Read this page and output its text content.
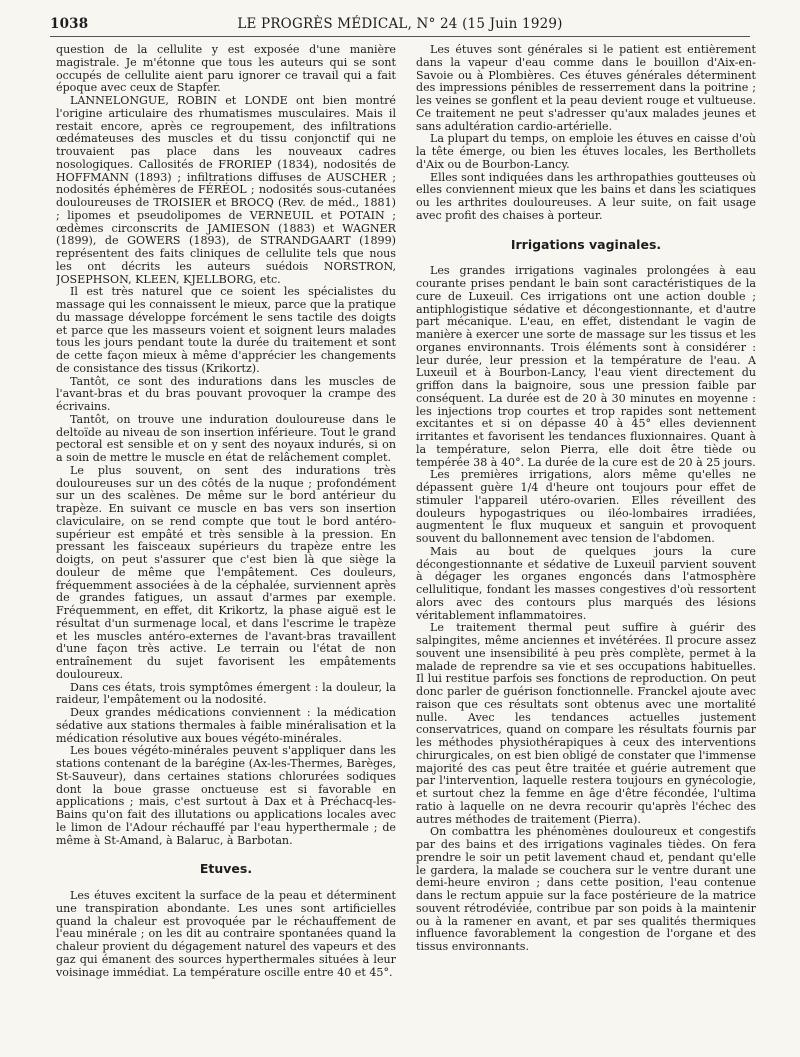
1038	LE PROGRÈS MÉDICAL, N° 24 (15 Juin 1929)

question de la cellulite y est exposée d'une manière magistrale. Je m'étonne que tous les auteurs qui se sont occupés de cellulite aient paru ignorer ce travail qui a fait époque avec ceux de Stapfer.

LANNELONGUE, ROBIN et LONDE ont bien montré l'origine articulaire des rhumatismes musculaires. Mais il restait encore, après ce regroupement, des infiltrations œdémateuses des muscles et du tissu conjonctif qui ne trouvaient pas place dans les nouveaux cadres nosologiques. Callosités de FRORIEP (1834), nodosités de HOFFMANN (1893) ; infiltrations diffuses de AUSCHER ; nodosités éphémères de FÉRÉOL ; nodosités sous-cutanées douloureuses de TROISIER et BROCQ (Rev. de méd., 1881) ; lipomes et pseudolipomes de VERNEUIL et POTAIN ; œdèmes circonscrits de JAMIESON (1883) et WAGNER (1899), de GOWERS (1893), de STRANDGAART (1899) représentent des faits cliniques de cellulite tels que nous les ont décrits les auteurs suédois NORSTRON, JOSEPHSON, KLEEN, KJELLBORG, etc.

Il est très naturel que ce soient les spécialistes du massage qui les connaissent le mieux, parce que la pratique du massage développe forcément le sens tactile des doigts et parce que les masseurs voient et soignent leurs malades tous les jours pendant toute la durée du traitement et sont de cette façon mieux à même d'apprécier les changements de consistance des tissus (Krikortz).

Tantôt, ce sont des indurations dans les muscles de l'avant-bras et du bras pouvant provoquer la crampe des écrivains.

Tantôt, on trouve une induration douloureuse dans le deltoïde au niveau de son insertion inférieure. Tout le grand pectoral est sensible et on y sent des noyaux indurés, si on a soin de mettre le muscle en état de relâchement complet.

Le plus souvent, on sent des indurations très douloureuses sur un des côtés de la nuque ; profondément sur un des scalènes. De même sur le bord antérieur du trapèze. En suivant ce muscle en bas vers son insertion claviculaire, on se rend compte que tout le bord antéro-supérieur est empâté et très sensible à la pression. En pressant les faisceaux supérieurs du trapèze entre les doigts, on peut s'assurer que c'est bien là que siège la douleur de même que l'empâtement. Ces douleurs, fréquemment associées à de la céphalée, surviennent après de grandes fatigues, un assaut d'armes par exemple. Fréquemment, en effet, dit Krikortz, la phase aiguë est le résultat d'un surmenage local, et dans l'escrime le trapèze et les muscles antéro-externes de l'avant-bras travaillent d'une façon très active. Le terrain ou l'état de non entraînement du sujet favorisent les empâtements douloureux.

Dans ces états, trois symptômes émergent : la douleur, la raideur, l'empâtement ou la nodosité.

Deux grandes médications conviennent : la médication sédative aux stations thermales à faible minéralisation et la médication résolutive aux boues végéto-minérales.

Les boues végéto-minérales peuvent s'appliquer dans les stations contenant de la barégine (Ax-les-Thermes, Barèges, St-Sauveur), dans certaines stations chlorurées sodiques dont la boue grasse onctueuse est si favorable en applications ; mais, c'est surtout à Dax et à Préchacq-les-Bains qu'on fait des illutations ou applications locales avec le limon de l'Adour réchauffé par l'eau hyperthermale ; de même à St-Amand, à Balaruc, à Barbotan.

Etuves.

Les étuves excitent la surface de la peau et déterminent une transpiration abondante. Les unes sont artificielles quand la chaleur est provoquée par le réchauffement de l'eau minérale ; on les dit au contraire spontanées quand la chaleur provient du dégagement naturel des vapeurs et des gaz qui émanent des sources hyperthermales situées à leur voisinage immédiat. La température oscille entre 40 et 45°.

Les étuves sont générales si le patient est entièrement dans la vapeur d'eau comme dans le bouillon d'Aix-en-Savoie ou à Plombières. Ces étuves générales déterminent des impressions pénibles de resserrement dans la poitrine ; les veines se gonflent et la peau devient rouge et vultueuse. Ce traitement ne peut s'adresser qu'aux malades jeunes et sans adultération cardio-artérielle.

La plupart du temps, on emploie les étuves en caisse d'où la tête émerge, ou bien les étuves locales, les Berthollets d'Aix ou de Bourbon-Lancy.

Elles sont indiquées dans les arthropathies goutteuses où elles conviennent mieux que les bains et dans les sciatiques ou les arthrites douloureuses. A leur suite, on fait usage avec profit des chaises à porteur.

Irrigations vaginales.

Les grandes irrigations vaginales prolongées à eau courante prises pendant le bain sont caractéristiques de la cure de Luxeuil. Ces irrigations ont une action double ; antiphlogistique sédative et décongestionnante, et d'autre part mécanique. L'eau, en effet, distendant le vagin de manière à exercer une sorte de massage sur les tissus et les organes environnants. Trois éléments sont à considérer : leur durée, leur pression et la température de l'eau. A Luxeuil et à Bourbon-Lancy, l'eau vient directement du griffon dans la baignoire, sous une pression faible par conséquent. La durée est de 20 à 30 minutes en moyenne : les injections trop courtes et trop rapides sont nettement excitantes et si on dépasse 40 à 45° elles deviennent irritantes et favorisent les tendances fluxionnaires. Quant à la température, selon Pierra, elle doit être tiède ou tempérée 38 à 40°. La durée de la cure est de 20 à 25 jours.

Les premières irrigations, alors même qu'elles ne dépassent guère 1/4 d'heure ont toujours pour effet de stimuler l'appareil utéro-ovarien. Elles réveillent des douleurs hypogastriques ou iléo-lombaires irradiées, augmentent le flux muqueux et sanguin et provoquent souvent du ballonnement avec tension de l'abdomen.

Mais au bout de quelques jours la cure décongestionnante et sédative de Luxeuil parvient souvent à dégager les organes engoncés dans l'atmosphère cellulitique, fondant les masses congestives d'où ressortent alors avec des contours plus marqués des lésions véritablement inflammatoires.

Le traitement thermal peut suffire à guérir des salpingites, même anciennes et invétérées. Il procure assez souvent une insensibilité à peu près complète, permet à la malade de reprendre sa vie et ses occupations habituelles. Il lui restitue parfois ses fonctions de reproduction. On peut donc parler de guérison fonctionnelle. Franckel ajoute avec raison que ces résultats sont obtenus avec une mortalité nulle. Avec les tendances actuelles justement conservatrices, quand on compare les résultats fournis par les méthodes physiothérapiques à ceux des interventions chirurgicales, on est bien obligé de constater que l'immense majorité des cas peut être traitée et guérie autrement que par l'intervention, laquelle restera toujours en gynécologie, et surtout chez la femme en âge d'être fécondée, l'ultima ratio à laquelle on ne devra recourir qu'après l'échec des autres méthodes de traitement (Pierra).

On combattra les phénomènes douloureux et congestifs par des bains et des irrigations vaginales tièdes. On fera prendre le soir un petit lavement chaud et, pendant qu'elle le gardera, la malade se couchera sur le ventre durant une demi-heure environ ; dans cette position, l'eau contenue dans le rectum appuie sur la face postérieure de la matrice souvent rétrodéviée, contribue par son poids à la maintenir ou à la ramener en avant, et par ses qualités thermiques influence favorablement la congestion de l'organe et des tissus environnants.
